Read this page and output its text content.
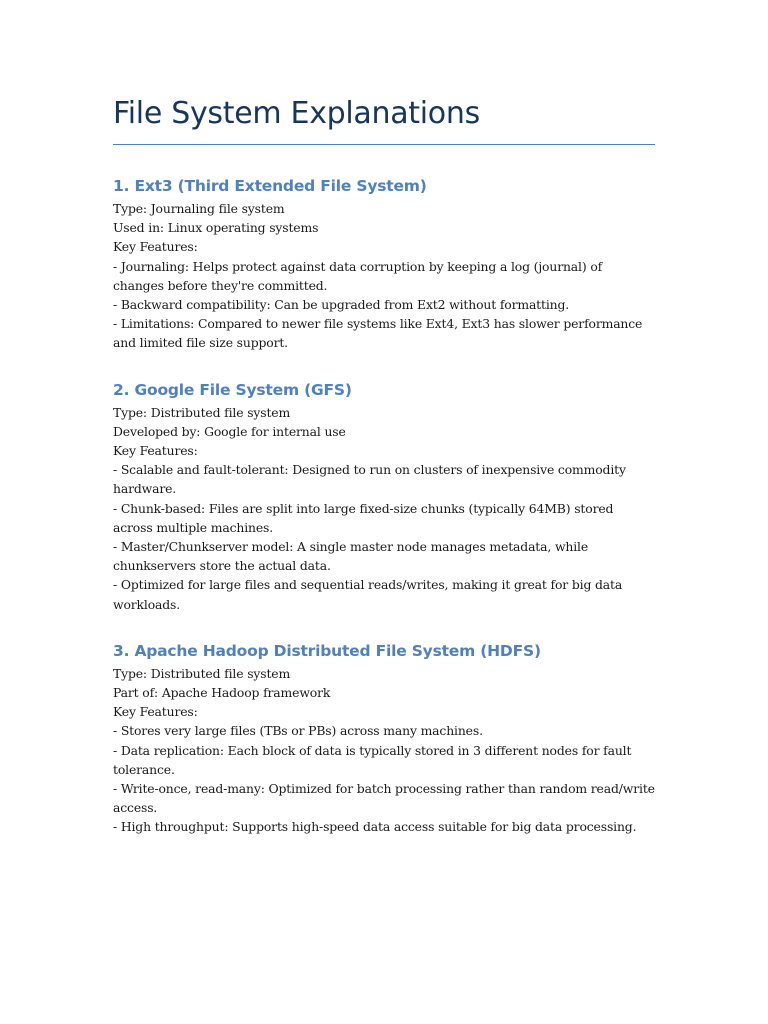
File System Explanations
1. Ext3 (Third Extended File System)

Type: Journaling file system

Used in: Linux operating systems

Key Features:

- Journaling: Helps protect against data corruption by keeping a log (journal) of changes before they're committed.

- Backward compatibility: Can be upgraded from Ext2 without formatting.

- Limitations: Compared to newer file systems like Ext4, Ext3 has slower performance and limited file size support.

2. Google File System (GFS)

Type: Distributed file system

Developed by: Google for internal use

Key Features:

- Scalable and fault-tolerant: Designed to run on clusters of inexpensive commodity hardware.

- Chunk-based: Files are split into large fixed-size chunks (typically 64MB) stored across multiple machines.

- Master/Chunkserver model: A single master node manages metadata, while chunkservers store the actual data.

- Optimized for large files and sequential reads/writes, making it great for big data workloads.

3. Apache Hadoop Distributed File System (HDFS)

Type: Distributed file system

Part of: Apache Hadoop framework

Key Features:

- Stores very large files (TBs or PBs) across many machines.

- Data replication: Each block of data is typically stored in 3 different nodes for fault tolerance.

- Write-once, read-many: Optimized for batch processing rather than random read/write access.

- High throughput: Supports high-speed data access suitable for big data processing.
